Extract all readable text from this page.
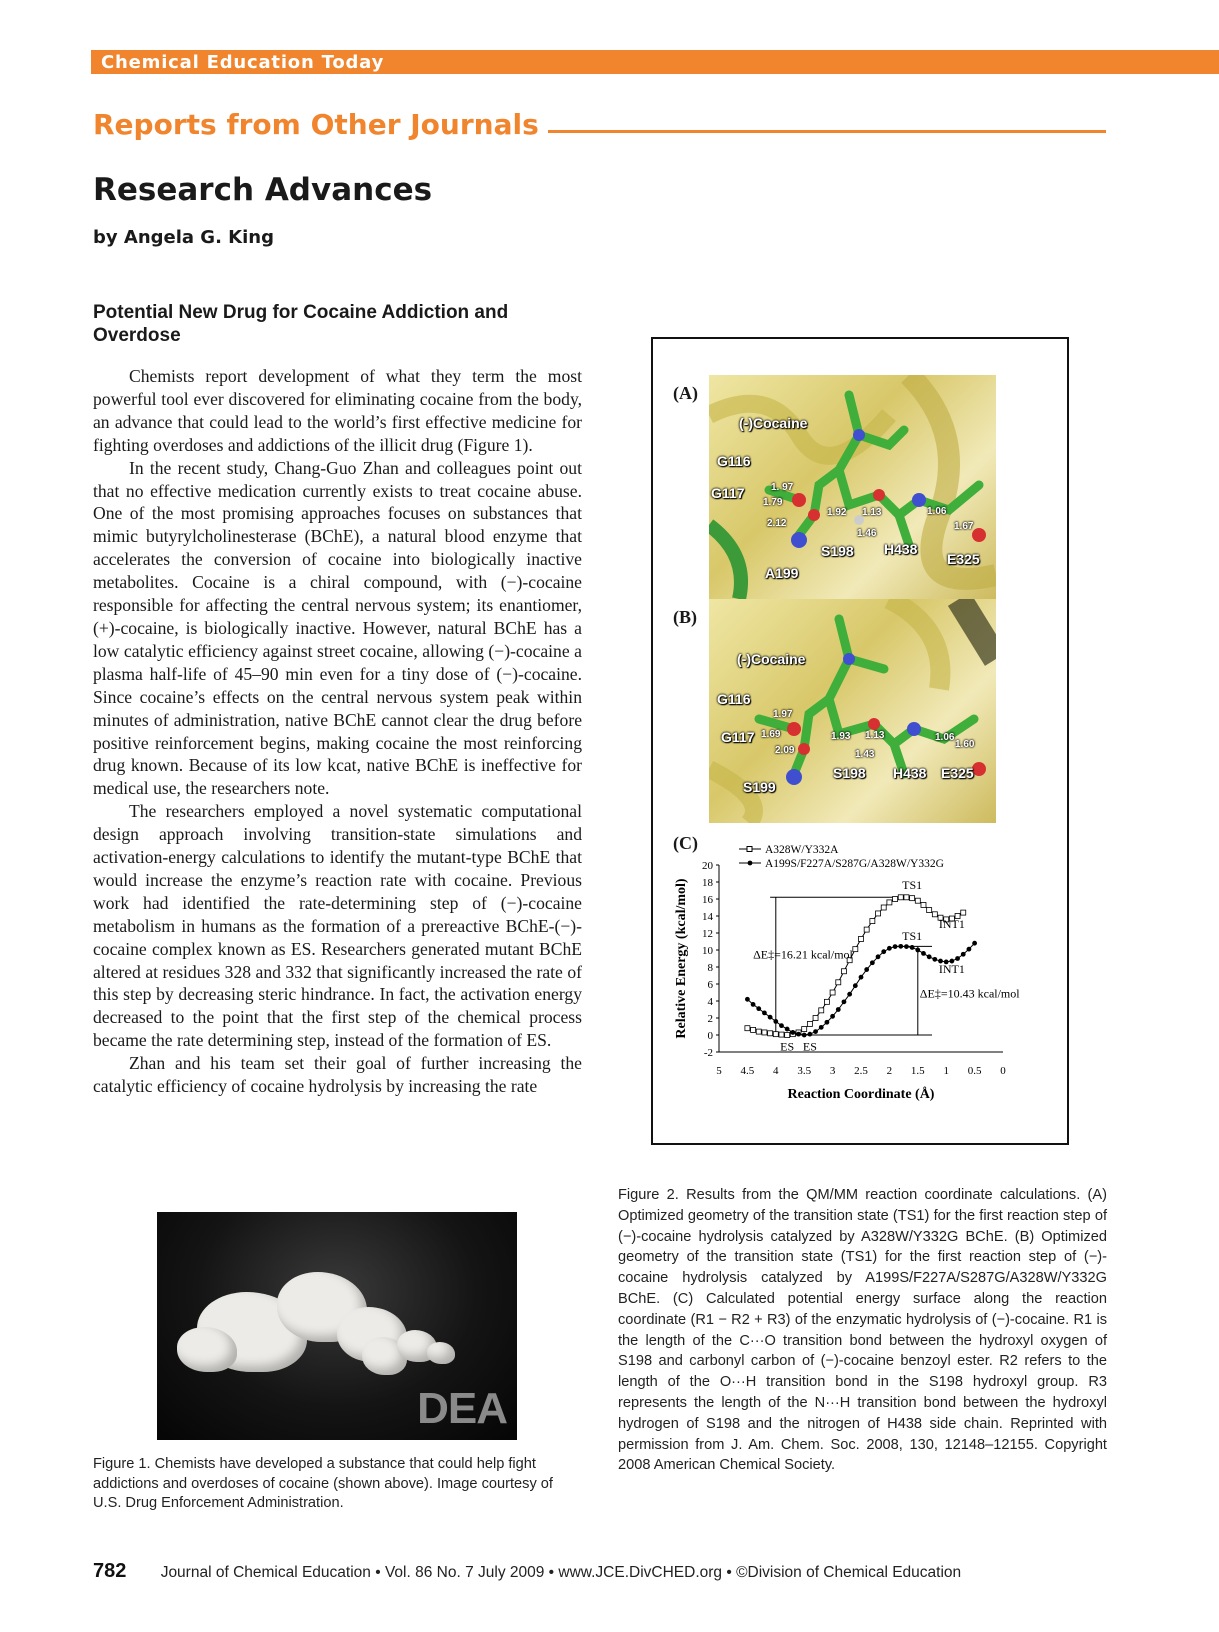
Chemical Education Today
Reports from Other Journals
Research Advances
by Angela G. King
Potential New Drug for Cocaine Addiction and Overdose

Chemists report development of what they term the most powerful tool ever discovered for eliminating cocaine from the body, an advance that could lead to the world’s first effective medicine for fighting overdoses and addictions of the illicit drug (Figure 1).

In the recent study, Chang-Guo Zhan and colleagues point out that no effective medication currently exists to treat cocaine abuse. One of the most promising approaches focuses on substances that mimic butyrylcholinesterase (BChE), a natural blood enzyme that accelerates the conversion of cocaine into biologically inactive metabolites. Cocaine is a chiral compound, with (−)-cocaine responsible for affecting the central nervous system; its enantiomer, (+)-cocaine, is biologically inactive. However, natural BChE has a low catalytic efficiency against street cocaine, allowing (−)-cocaine a plasma half-life of 45–90 min even for a tiny dose of (−)-cocaine. Since cocaine’s effects on the central nervous system peak within minutes of administration, native BChE cannot clear the drug before positive reinforcement begins, making cocaine the most reinforcing drug known. Because of its low kcat, native BChE is ineffective for medical use, the researchers note.

The researchers employed a novel systematic computational design approach involving transition-state simulations and activation-energy calculations to identify the mutant-type BChE that would increase the enzyme’s reaction rate with cocaine. Previous work had identified the rate-determining step of (−)-cocaine metabolism in humans as the formation of a prereactive BChE-(−)-cocaine complex known as ES. Researchers generated mutant BChE altered at residues 328 and 332 that significantly increased the rate of this step by decreasing steric hindrance. In fact, the activation energy decreased to the point that the first step of the chemical process became the rate determining step, instead of the formation of ES.

Zhan and his team set their goal of further increasing the catalytic efficiency of cocaine hydrolysis by increasing the rate

DEA
Figure 1. Chemists have developed a substance that could help fight addictions and overdoses of cocaine (shown above). Image courtesy of U.S. Drug Enforcement Administration.
(A)
(-)Cocaine
G116
G117
A199
S198 H438
E325
1. 97
1.79
2.12
1.92 1.13
1.46
1.06
1.67
(B)
(-)Cocaine
G116
G117
S199
S198 H438 E325
1.97
1.69
2.09
1.93 1.13
1.43
1.06
1.60
(C)
-2
0
2
4
6
8
10
12
14
16
18
20
5 4.5 4 3.5 3 2.5 2 1.5 1 0.5 0
A328W/Y332A
A199S/F227A/S287G/A328W/Y332G
TS1
INT1
TS1
INT1
ΔE‡=16.21 kcal/mol
ΔE‡=10.43 kcal/mol
ES ES
Reaction Coordinate (Å)
Relative Energy (kcal/mol)
Figure 2. Results from the QM/MM reaction coordinate calculations. (A) Optimized geometry of the transition state (TS1) for the first reaction step of (−)-cocaine hydrolysis catalyzed by A328W/Y332G BChE. (B) Optimized geometry of the transition state (TS1) for the first reaction step of (−)-cocaine hydrolysis catalyzed by A199S/F227A/S287G/A328W/Y332G BChE. (C) Calculated potential energy surface along the reaction coordinate (R1 − R2 + R3) of the enzymatic hydrolysis of (−)-cocaine. R1 is the length of the C···O transition bond between the hydroxyl oxygen of S198 and carbonyl carbon of (−)-cocaine benzoyl ester. R2 refers to the length of the O···H transition bond in the S198 hydroxyl group. R3 represents the length of the N···H transition bond between the hydroxyl hydrogen of S198 and the nitrogen of H438 side chain. Reprinted with permission from J. Am. Chem. Soc. 2008, 130, 12148–12155. Copyright 2008 American Chemical Society.
782 Journal of Chemical Education • Vol. 86 No. 7 July 2009 • www.JCE.DivCHED.org • ©Division of Chemical Education
